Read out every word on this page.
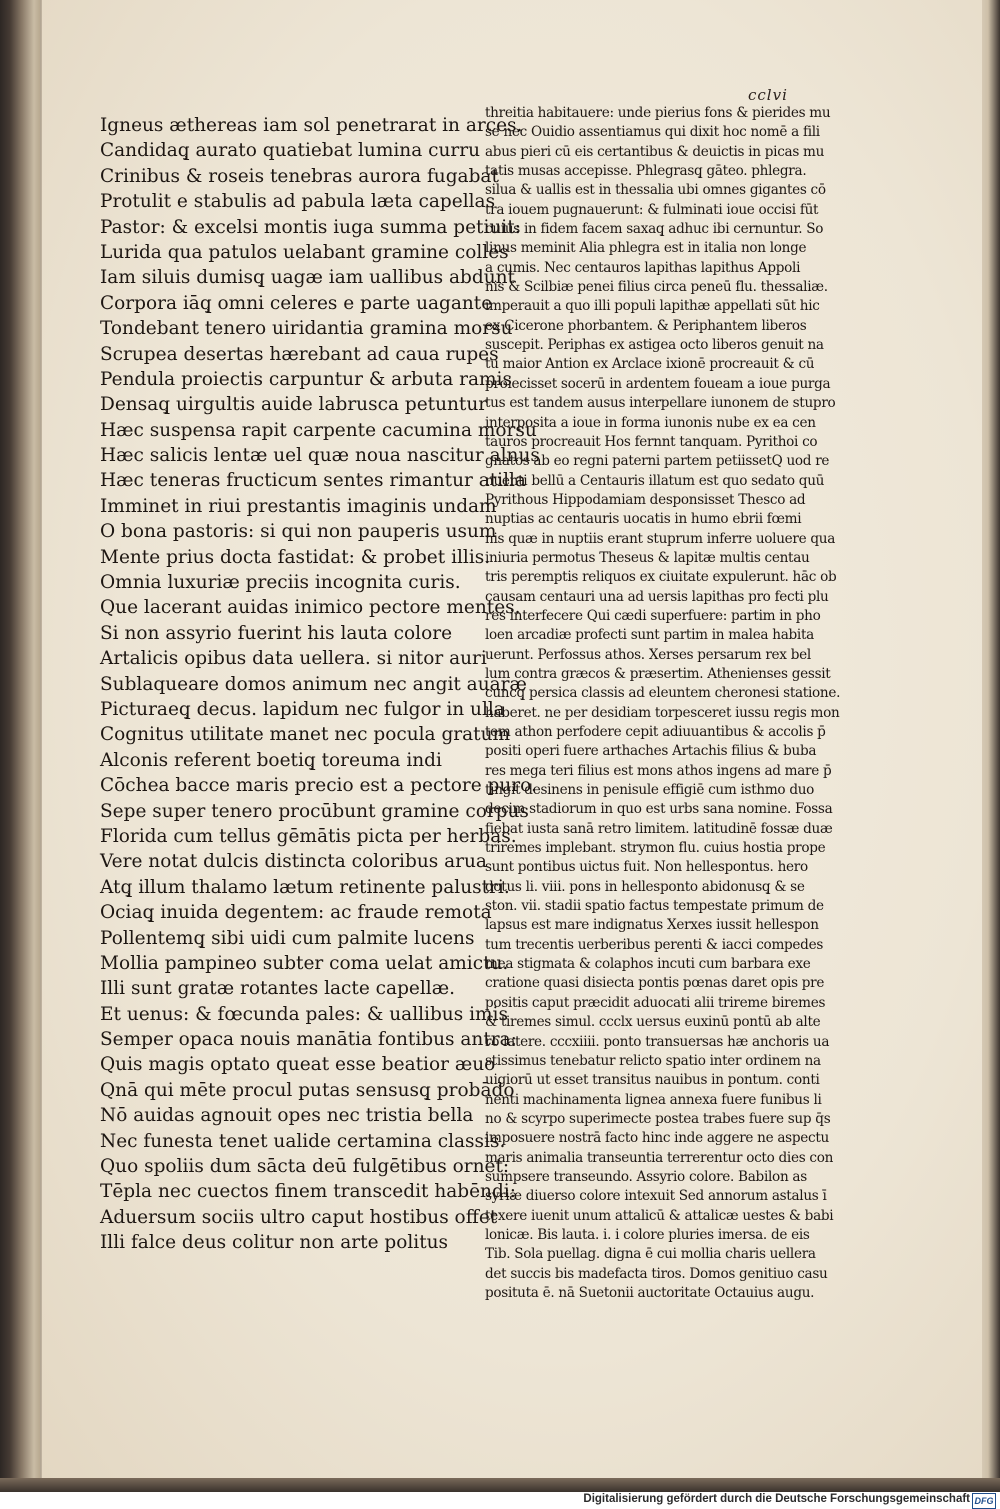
cclvi
Igneus æthereas iam sol penetrarat in arces.
Candidaq̧ aurato quatiebat lumina curru
Crinibus & roseis tenebras aurora fugabat
Protulit e stabulis ad pabula læta capellas
Pastor: & excelsi montis iuga summa petiuit:
Lurida qua patulos uelabant gramine colles
Iam siluis dumisq̧ uagæ iam uallibus abdunt
Corpora iāq̧ omni celeres e parte uagante
Tondebant tenero uiridantia gramina morsu
Scrupea desertas hærebant ad caua rupes
Pendula proiectis carpuntur & arbuta ramis
Densaq̧ uirgultis auide labrusca petuntur
Hæc suspensa rapit carpente cacumina morsu
Hæc salicis lentæ uel quæ noua nascitur alnus
Hæc teneras fructicum sentes rimantur atilla
Imminet in riui prestantis imaginis undam
O bona pastoris: si qui non pauperis usum
Mente prius docta fastidat: & probet illis.
Omnia luxuriæ preciis incognita curis.
Que lacerant auidas inimico pectore mentes.
Si non assyrio fuerint his lauta colore
Artalicis opibus data uellera. si nitor auri
Sublaqueare domos animum nec angit auaræ
Picturaeq̧ decus. lapidum nec fulgor in ulla
Cognitus utilitate manet nec pocula gratum
Alconis referent boetiq̧ toreuma indi
Cōchea bacce maris precio est a pectore puro.
Sepe super tenero procūbunt gramine corpus
Florida cum tellus gēmātis picta per herbas.
Vere notat dulcis distincta coloribus arua
Atq̧ illum thalamo lætum retinente palustri.
Ociaq̧ inuida degentem: ac fraude remota
Pollentemq̧ sibi uidi cum palmite lucens
Mollia pampineo subter coma uelat amictu.
Illi sunt gratæ rotantes lacte capellæ.
Et uenus: & fœcunda pales: & uallibus imis
Semper opaca nouis manātia fontibus antra:
Quis magis optato queat esse beatior æuo
Qnā qui mēte procul putas sensusq̧ probādo
Nō auidas agnouit opes nec tristia bella
Nec funesta tenet ualide certamina classis.
Quo spoliis dum sācta deū fulgētibus ornet:
Tēpla nec cuectos finem transcedit habēndi:
Aduersum sociis ultro caput hostibus offet
Illi falce deus colitur non arte politus
threitia habitauere: unde pierius fons & pierides mu
se nec Ouidio assentiamus qui dixit hoc nomē a fili
abus pieri cū eis certantibus & deuictis in picas mu
tatis musas accepisse. Phlegrasq̧ gāteo. phlegra.
silua & uallis est in thessalia ubi omnes gigantes cō
tra iouem pugnauerunt: & fulminati ioue occisi fūt
cuius in fidem facem saxaq̧ adhuc ibi cernuntur. So
linus meminit Alia phlegra est in italia non longe
a cumis. Nec centauros lapithas lapithus Appoli
nis & Scilbiæ penei filius circa peneū flu. thessaliæ.
imperauit a quo illi populi lapithæ appellati sūt hic
ex Cicerone phorbantem. & Periphantem liberos
suscepit. Periphas ex astigea octo liberos genuit na
tu maior Antion ex Arclace ixionē procreauit & cū
proiecisset socerū in ardentem foueam a ioue purga
tus est tandem ausus interpellare iunonem de stupro
interposita a ioue in forma iunonis nube ex ea cen
tauros procreauit Hos fernnt tanquam. Pyrithoi co
gnatos ab eo regni paterni partem petiissetQ uod re
nuenti bellū a Centauris illatum est quo sedato quū
Pyrithous Hippodamiam desponsisset Thesco ad
nuptias ac centauris uocatis in humo ebrii fœmi
nis quæ in nuptiis erant stuprum inferre uoluere qua
iniuria permotus Theseus & lapitæ multis centau
tris peremptis reliquos ex ciuitate expulerunt. hāc ob
causam centauri una ad uersis lapithas pro fecti plu
res interfecere Qui cædi superfuere: partim in pho
loen arcadiæ profecti sunt partim in malea habita
uerunt. Perfossus athos. Xerses persarum rex bel
lum contra græcos & præsertim. Athenienses gessit
cuncq̧ persica classis ad eleuntem cheronesi statione.
haberet. ne per desidiam torpesceret iussu regis mon
tem athon perfodere cepit adiuuantibus & accolis p̄
positi operi fuere arthaches Artachis filius & buba
res mega teri filius est mons athos ingens ad mare p̄
tingit desinens in penisule effigiē cum isthmo duo
decim stadiorum in quo est urbs sana nomine. Fossa
fiebat iusta sanā retro limitem. latitudinē fossæ duæ
triremes implebant. strymon flu. cuius hostia prope
sunt pontibus uictus fuit. Non hellespontus. hero
dotus li. viii. pons in hellesponto abidonusq̧ & se
ston. vii. stadii spatio factus tempestate primum de
lapsus est mare indignatus Xerxes iussit hellespon
tum trecentis uerberibus perenti & iacci compedes
mea stigmata & colaphos incuti cum barbara exe
cratione quasi disiecta pontis pœnas daret opis pre
positis caput præcidit aduocati alii trireme biremes
& tiremes simul. ccclx uersus euxinū pontū ab alte
ro latere. cccxiiii. ponto transuersas hæ anchoris ua
stissimus tenebatur relicto spatio inter ordinem na
uigiorū ut esset transitus nauibus in pontum. conti
nenti machinamenta lignea annexa fuere funibus li
no & scyrpo superimecte postea trabes fuere sup q̄s
imposuere nostrā facto hinc inde aggere ne aspectu
maris animalia transeuntia terrerentur octo dies con
sumpsere transeundo. Assyrio colore. Babilon as
syriæ diuerso colore intexuit Sed annorum astalus ī
texere iuenit unum attalicū & attalicæ uestes & babi
lonicæ. Bis lauta. i. i colore pluries imersa. de eis
Tib. Sola puellag. digna ē cui mollia charis uellera
det succis bis madefacta tiros. Domos genitiuo casu
posituta ē. nā Suetonii auctoritate Octauius augu.
Digitalisierung gefördert durch die Deutsche Forschungsgemeinschaft DFG
